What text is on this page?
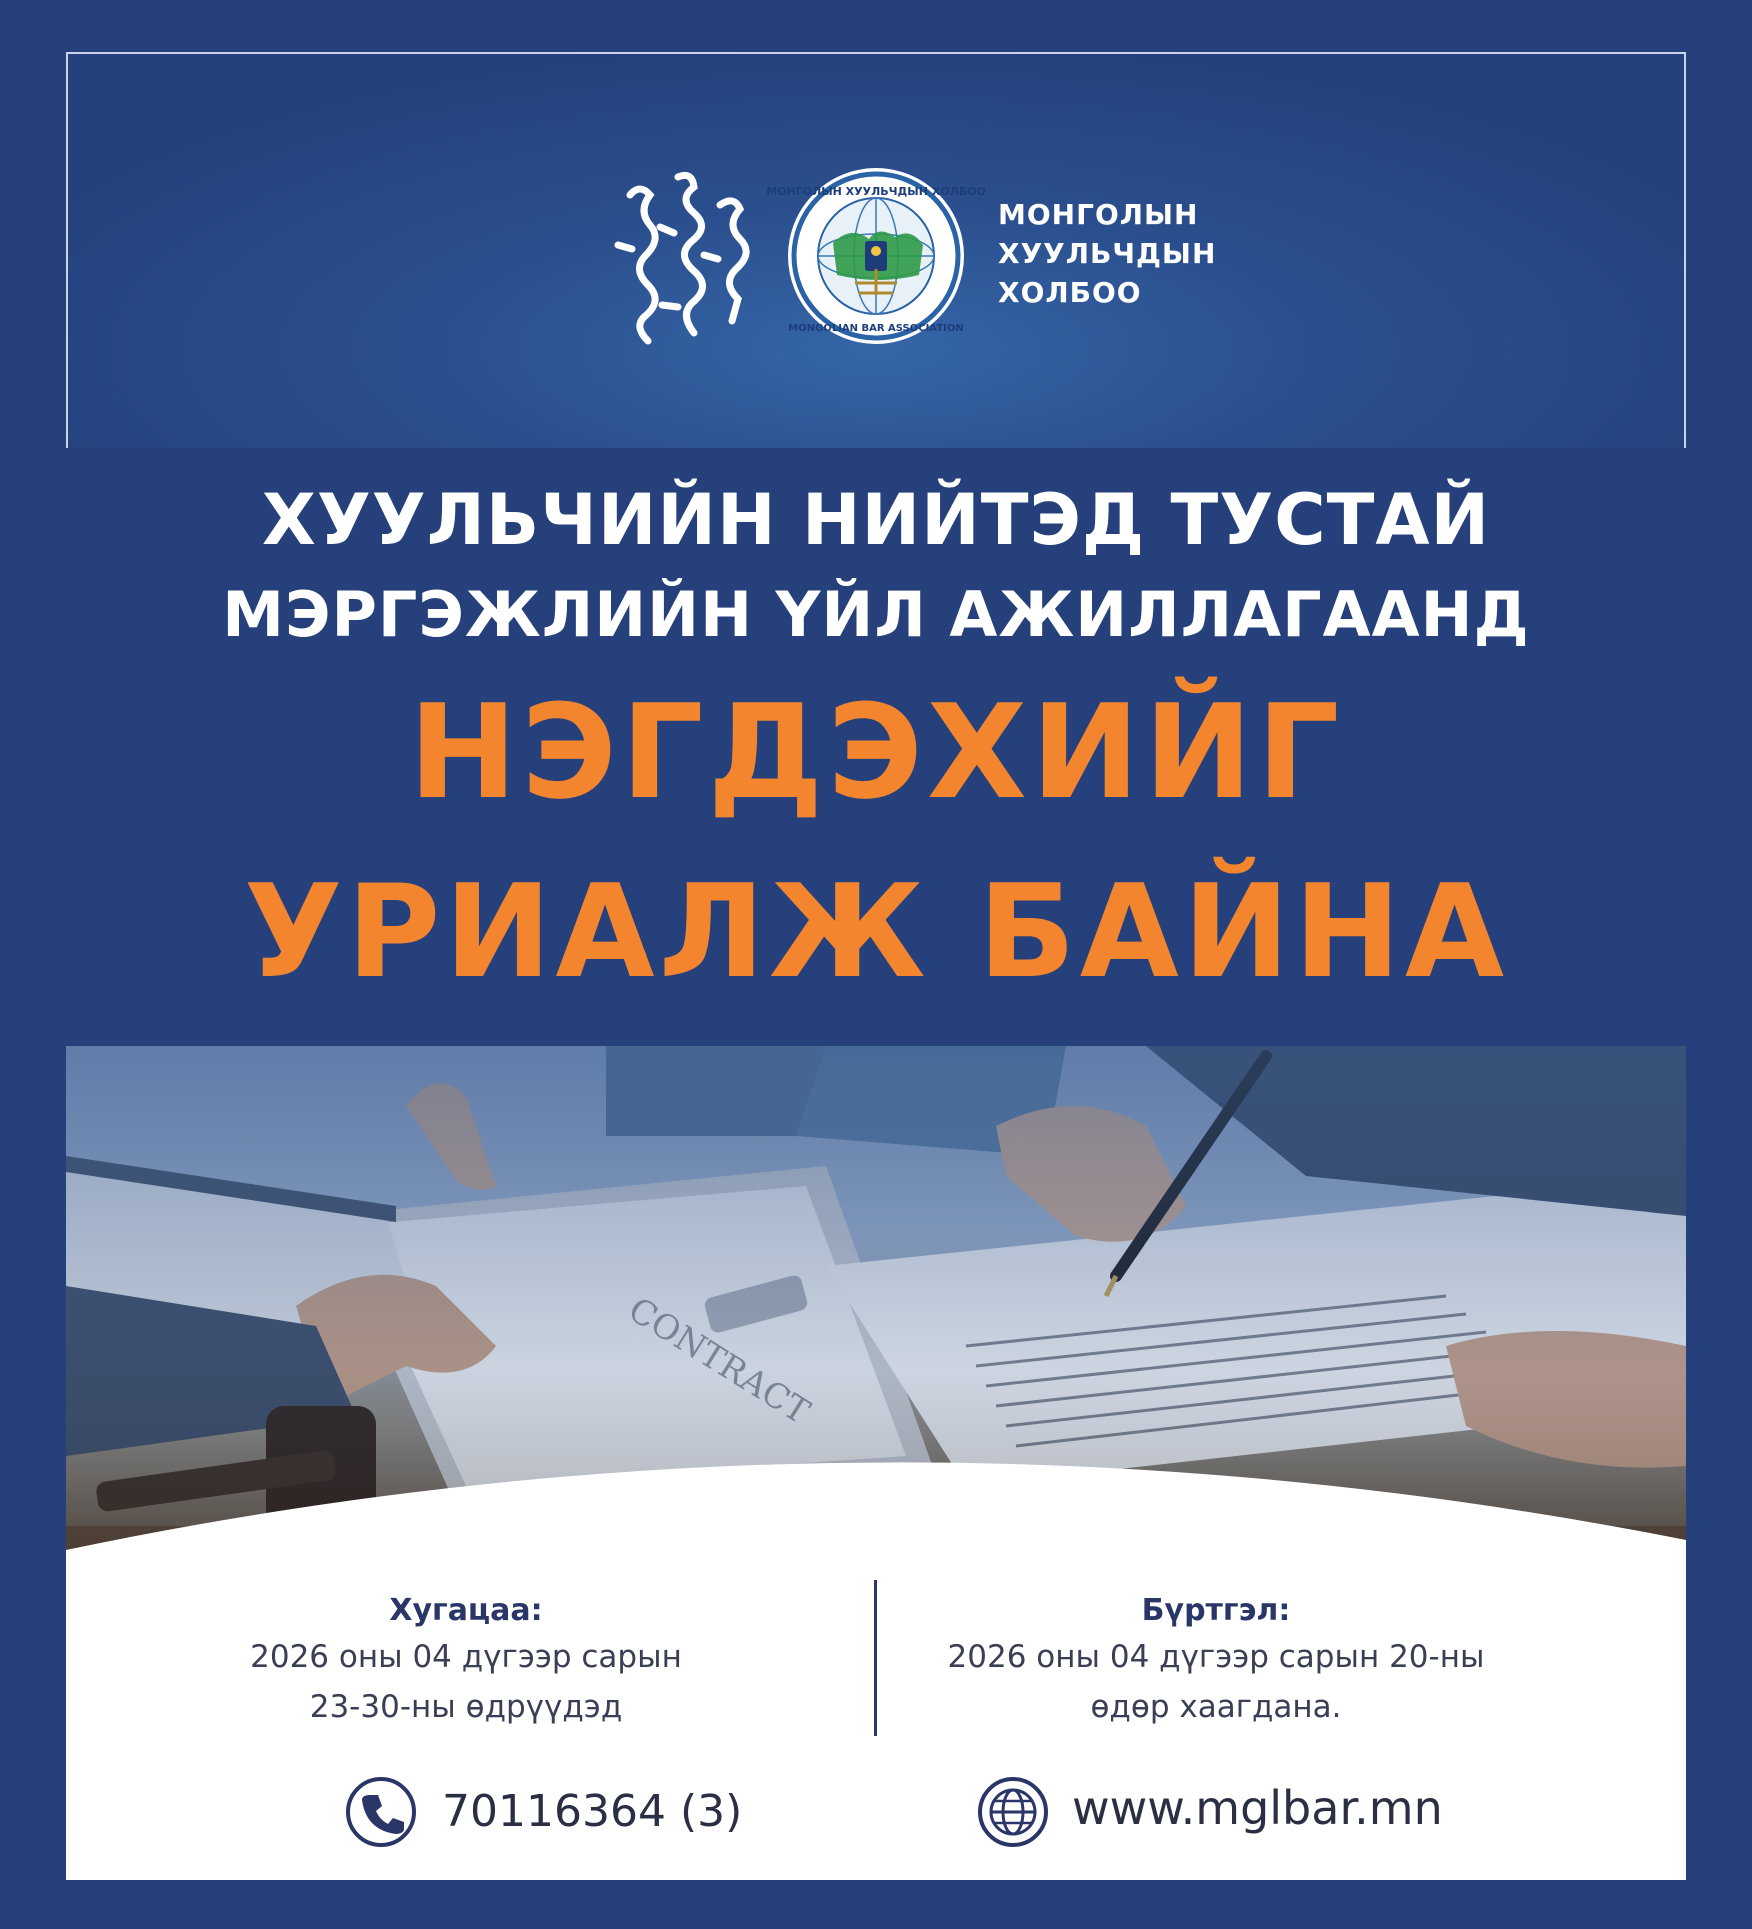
МОНГОЛЫН ХУУЛЬЧДЫН ХОЛБОО
MONGOLIAN BAR ASSOCIATION
МОНГОЛЫН
ХУУЛЬЧДЫН
ХОЛБОО
ХУУЛЬЧИЙН НИЙТЭД ТУСТАЙ
МЭРГЭЖЛИЙН ҮЙЛ АЖИЛЛАГААНД
НЭГДЭХИЙГ
УРИАЛЖ БАЙНА
Хугацаа:
2026 оны 04 дүгээр сарын
23-30-ны өдрүүдэд
Бүртгэл:
2026 оны 04 дүгээр сарын 20-ны
өдөр хаагдана.
70116364 (3)	www.mglbar.mn
